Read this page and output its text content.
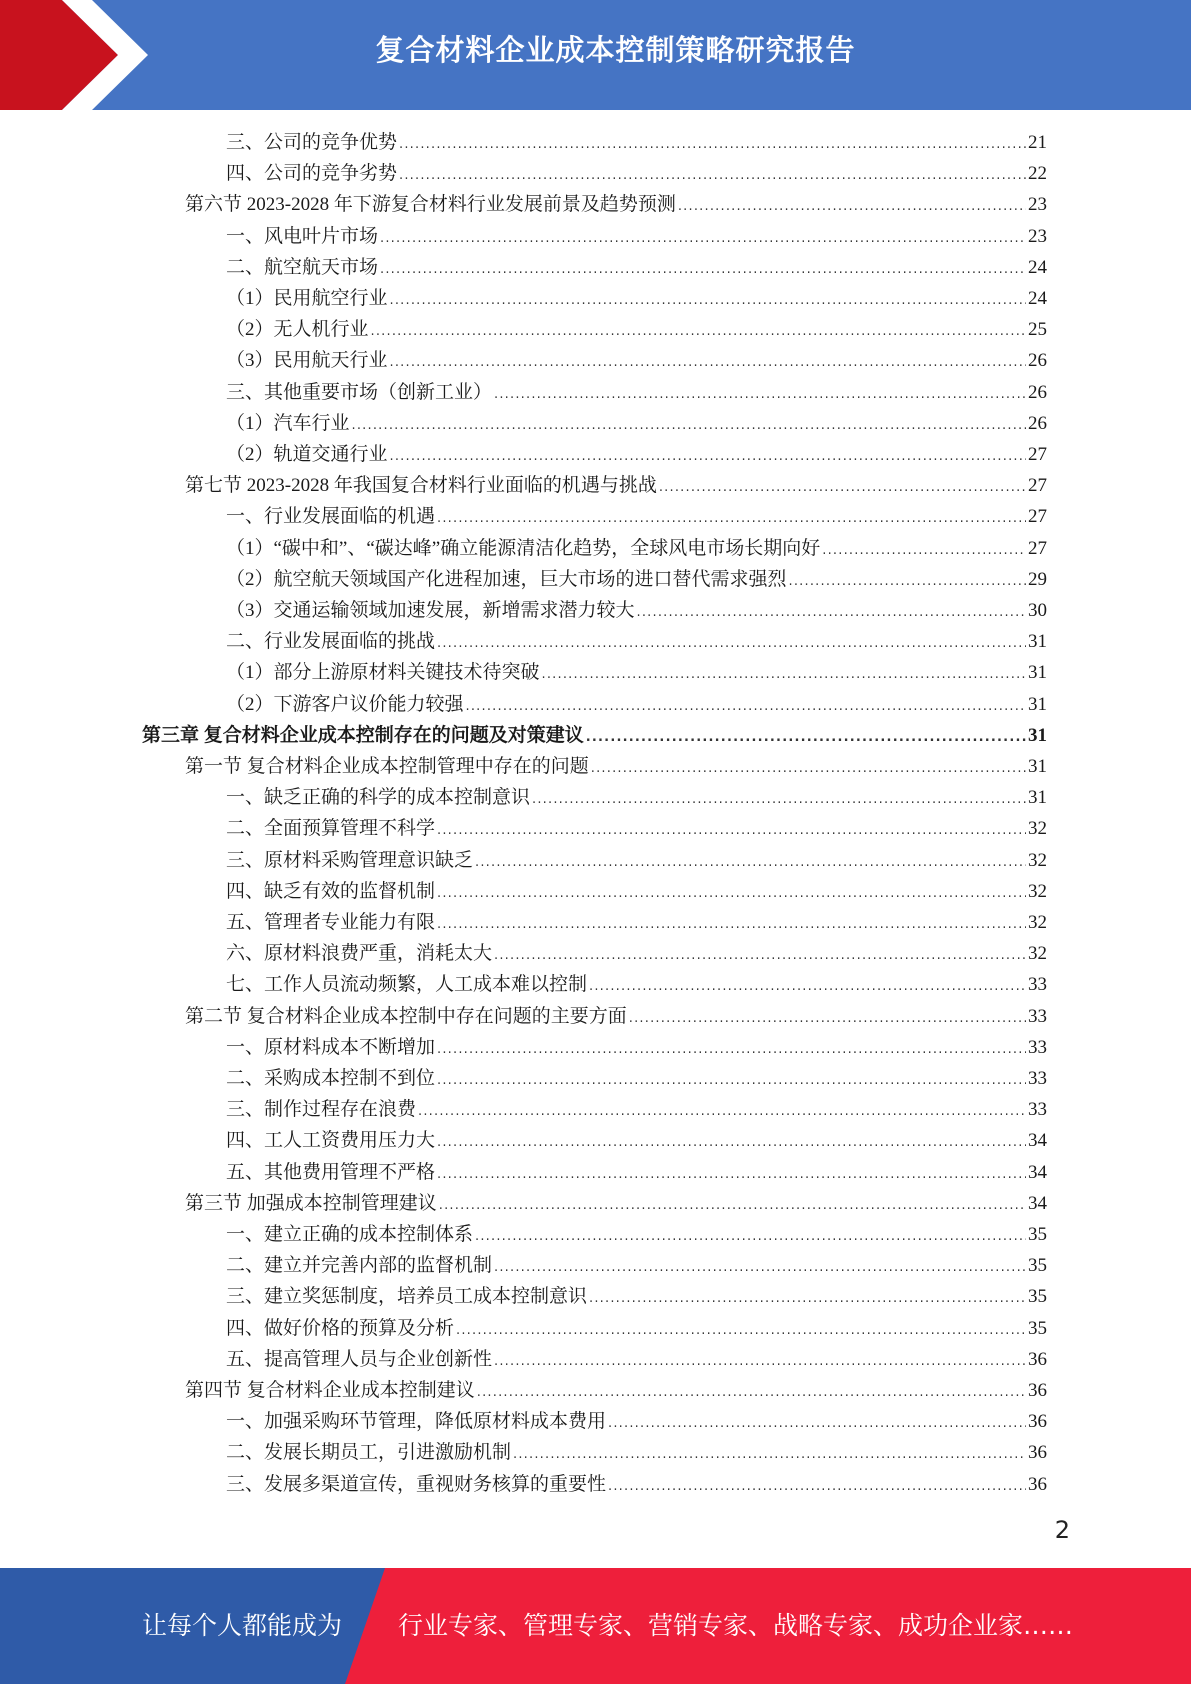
复合材料企业成本控制策略研究报告
三、公司的竞争优势 .....	21
四、公司的竞争劣势 .....	22
第六节 2023-2028 年下游复合材料行业发展前景及趋势预测 .....	23
一、风电叶片市场 .....	23
二、航空航天市场 .....	24
（1）民用航空行业 .....	24
（2）无人机行业 .....	25
（3）民用航天行业 .....	26
三、其他重要市场（创新工业） .....	26
（1）汽车行业 .....	26
（2）轨道交通行业 .....	27
第七节 2023-2028 年我国复合材料行业面临的机遇与挑战 .....	27
一、行业发展面临的机遇 .....	27
（1）“碳中和”、“碳达峰”确立能源清洁化趋势，全球风电市场长期向好 .....	27
（2）航空航天领域国产化进程加速，巨大市场的进口替代需求强烈 .....	29
（3）交通运输领域加速发展，新增需求潜力较大 .....	30
二、行业发展面临的挑战 .....	31
（1）部分上游原材料关键技术待突破 .....	31
（2）下游客户议价能力较强 .....	31
第三章 复合材料企业成本控制存在的问题及对策建议 .....	31
第一节 复合材料企业成本控制管理中存在的问题 .....	31
一、缺乏正确的科学的成本控制意识 .....	31
二、全面预算管理不科学 .....	32
三、原材料采购管理意识缺乏 .....	32
四、缺乏有效的监督机制 .....	32
五、管理者专业能力有限 .....	32
六、原材料浪费严重，消耗太大 .....	32
七、工作人员流动频繁，人工成本难以控制 .....	33
第二节 复合材料企业成本控制中存在问题的主要方面 .....	33
一、原材料成本不断增加 .....	33
二、采购成本控制不到位 .....	33
三、制作过程存在浪费 .....	33
四、工人工资费用压力大 .....	34
五、其他费用管理不严格 .....	34
第三节 加强成本控制管理建议 .....	34
一、建立正确的成本控制体系 .....	35
二、建立并完善内部的监督机制 .....	35
三、建立奖惩制度，培养员工成本控制意识 .....	35
四、做好价格的预算及分析 .....	35
五、提高管理人员与企业创新性 .....	36
第四节 复合材料企业成本控制建议 .....	36
一、加强采购环节管理，降低原材料成本费用 .....	36
二、发展长期员工，引进激励机制 .....	36
三、发展多渠道宣传，重视财务核算的重要性 .....	36
2
让每个人都能成为 行业专家、管理专家、营销专家、战略专家、成功企业家……
